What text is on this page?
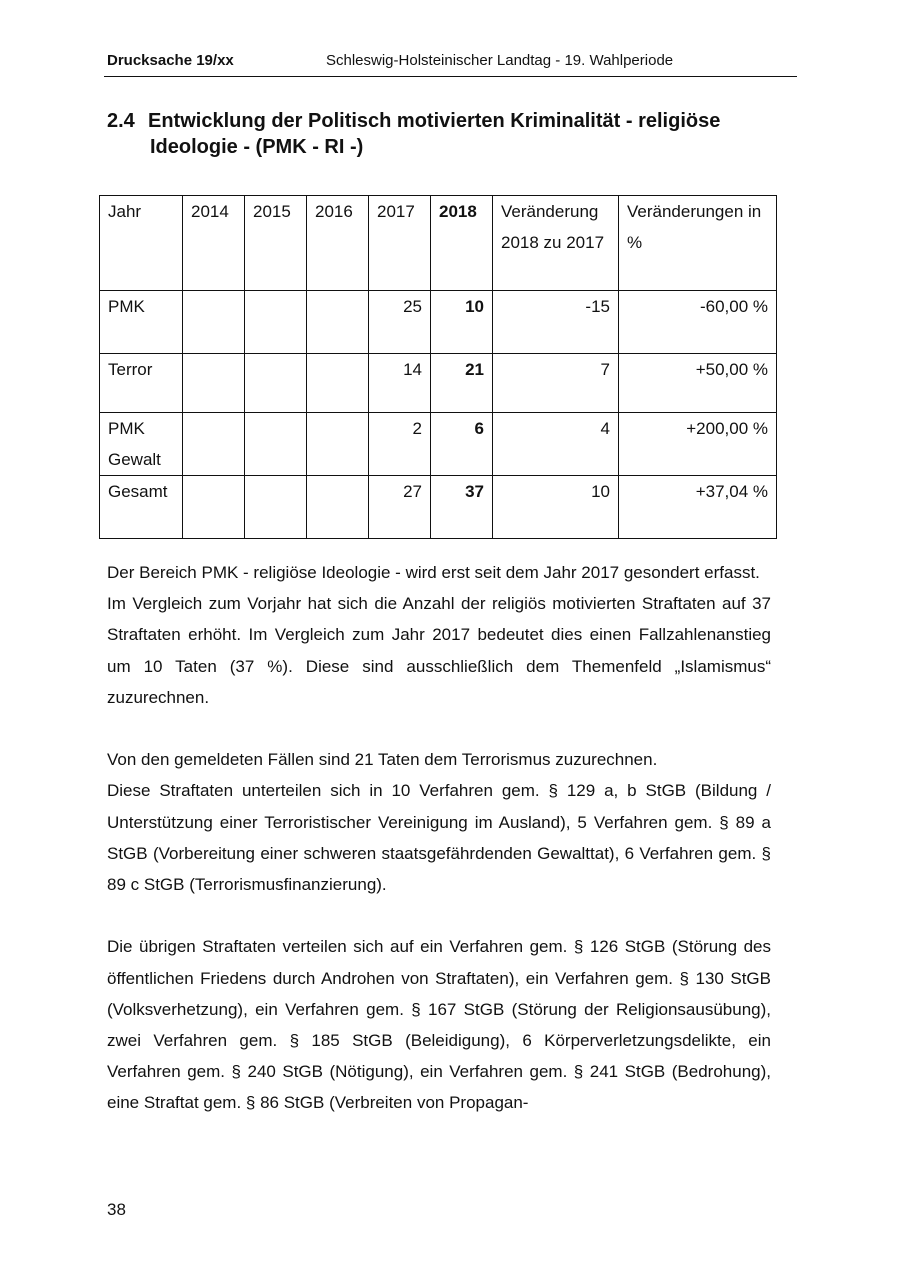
Drucksache 19/xx	Schleswig-Holsteinischer Landtag - 19. Wahlperiode
2.4 Entwicklung der Politisch motivierten Kriminalität - religiöse
Ideologie - (PMK - RI -)
Jahr	2014	2015	2016	2017	2018	Veränderung 2018 zu 2017	Veränderungen in %
PMK				25	10	-15	-60,00 %
Terror				14	21	7	+50,00 %
PMK Gewalt				2	6	4	+200,00 %
Gesamt				27	37	10	+37,04 %

Der Bereich PMK - religiöse Ideologie - wird erst seit dem Jahr 2017 gesondert erfasst.

Im Vergleich zum Vorjahr hat sich die Anzahl der religiös motivierten Straftaten auf 37 Straftaten erhöht. Im Vergleich zum Jahr 2017 bedeutet dies einen Fallzahlenanstieg um 10 Taten (37 %). Diese sind ausschließlich dem Themenfeld „Islamismus“ zuzurechnen.

Von den gemeldeten Fällen sind 21 Taten dem Terrorismus zuzurechnen.

Diese Straftaten unterteilen sich in 10 Verfahren gem. § 129 a, b StGB (Bildung / Unterstützung einer Terroristischer Vereinigung im Ausland), 5 Verfahren gem. § 89 a StGB (Vorbereitung einer schweren staatsgefährdenden Gewalttat), 6 Verfahren gem. § 89 c StGB (Terrorismusfinanzierung).

Die übrigen Straftaten verteilen sich auf ein Verfahren gem. § 126 StGB (Störung des öffentlichen Friedens durch Androhen von Straftaten), ein Verfahren gem. § 130 StGB (Volksverhetzung), ein Verfahren gem. § 167 StGB (Störung der Religionsausübung), zwei Verfahren gem. § 185 StGB (Beleidigung), 6 Körperverletzungsdelikte, ein Verfahren gem. § 240 StGB (Nötigung), ein Verfahren gem. § 241 StGB (Bedrohung), eine Straftat gem. § 86 StGB (Verbreiten von Propagan-

38
